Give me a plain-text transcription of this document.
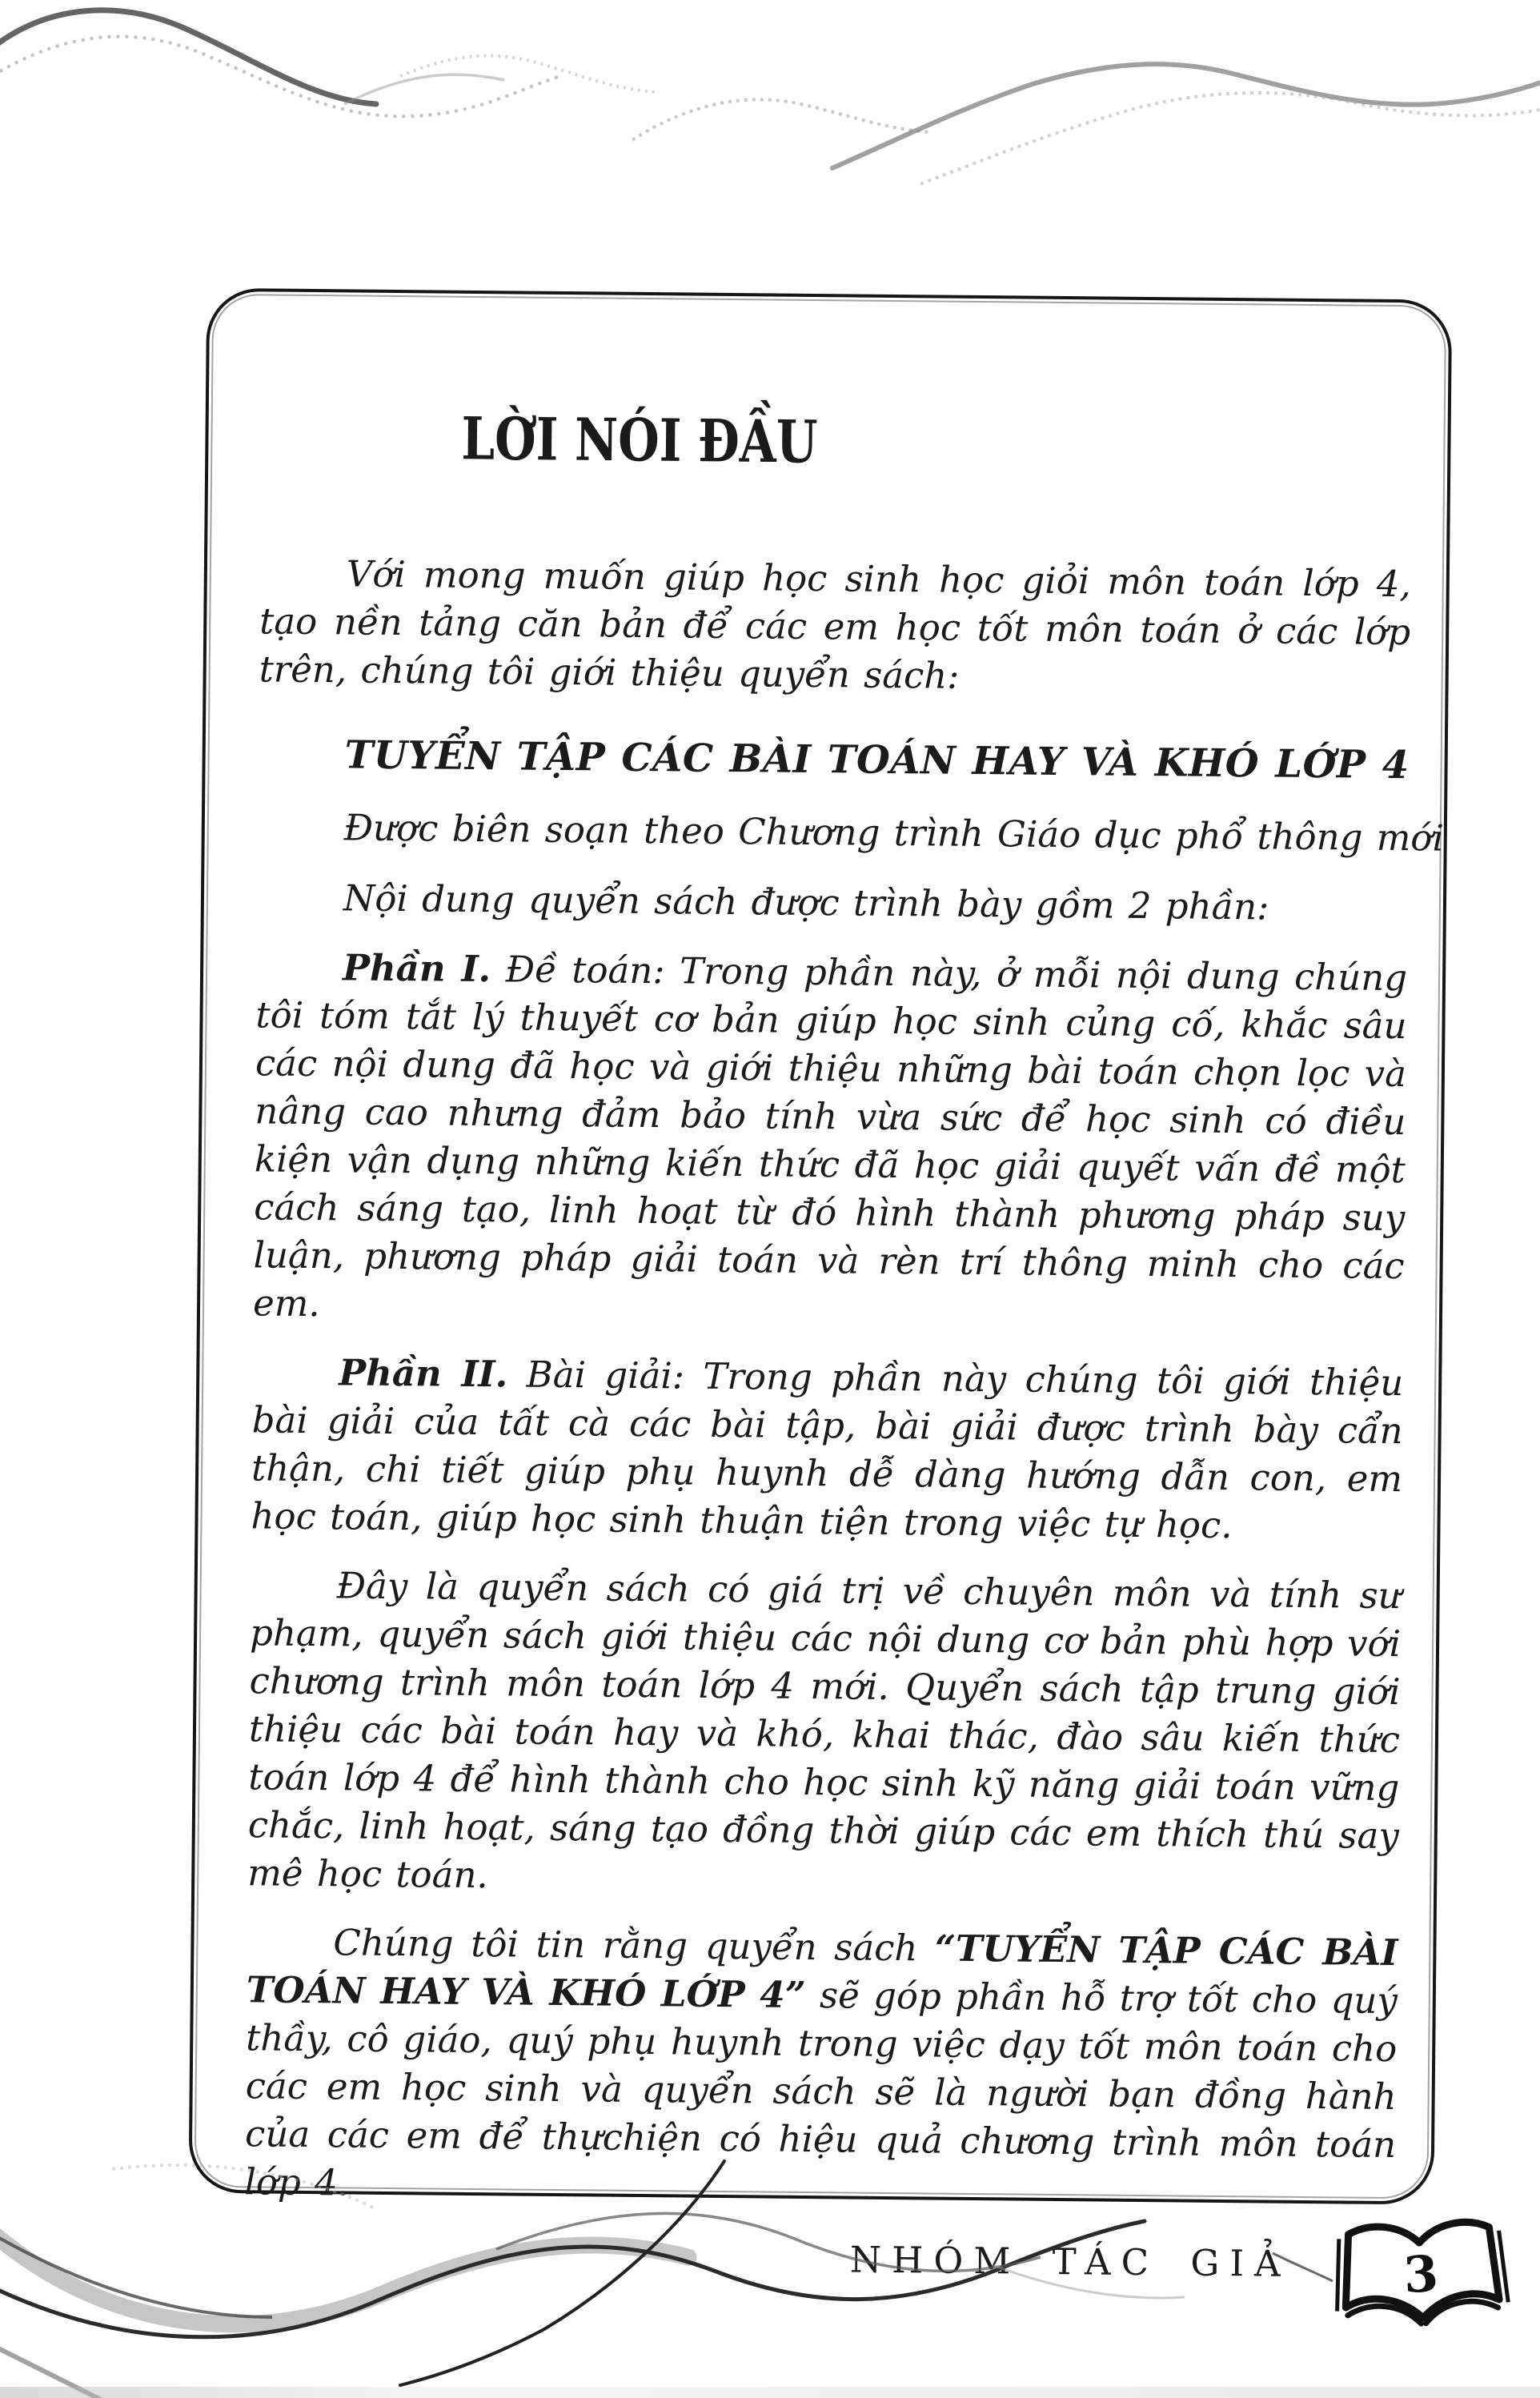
LỜI NÓI ĐẦU

Với mong muốn giúp học sinh học giỏi môn toán lớp 4, tạo nền tảng căn bản để các em học tốt môn toán ở các lớp trên, chúng tôi giới thiệu quyển sách:

TUYỂN TẬP CÁC BÀI TOÁN HAY VÀ KHÓ LỚP 4
Được biên soạn theo Chương trình Giáo dục phổ thông mới
Nội dung quyển sách được trình bày gồm 2 phần:

Phần I. Đề toán: Trong phần này, ở mỗi nội dung chúng tôi tóm tắt lý thuyết cơ bản giúp học sinh củng cố, khắc sâu các nội dung đã học và giới thiệu những bài toán chọn lọc và nâng cao nhưng đảm bảo tính vừa sức để học sinh có điều kiện vận dụng những kiến thức đã học giải quyết vấn đề một cách sáng tạo, linh hoạt từ đó hình thành phương pháp suy luận, phương pháp giải toán và rèn trí thông minh cho các em.

Phần II. Bài giải: Trong phần này chúng tôi giới thiệu bài giải của tất cà các bài tập, bài giải được trình bày cẩn thận, chi tiết giúp phụ huynh dễ dàng hướng dẫn con, em học toán, giúp học sinh thuận tiện trong việc tự học.

Đây là quyển sách có giá trị về chuyên môn và tính sư phạm, quyển sách giới thiệu các nội dung cơ bản phù hợp với chương trình môn toán lớp 4 mới. Quyển sách tập trung giới thiệu các bài toán hay và khó, khai thác, đào sâu kiến thức toán lớp 4 để hình thành cho học sinh kỹ năng giải toán vững chắc, linh hoạt, sáng tạo đồng thời giúp các em thích thú say mê học toán.

Chúng tôi tin rằng quyển sách “TUYỂN TẬP CÁC BÀI TOÁN HAY VÀ KHÓ LỚP 4” sẽ góp phần hỗ trợ tốt cho quý thầy, cô giáo, quý phụ huynh trong việc dạy tốt môn toán cho các em học sinh và quyển sách sẽ là người bạn đồng hành của các em để thựchiện có hiệu quả chương trình môn toán lớp 4.

NHÓM TÁC GIẢ	3
